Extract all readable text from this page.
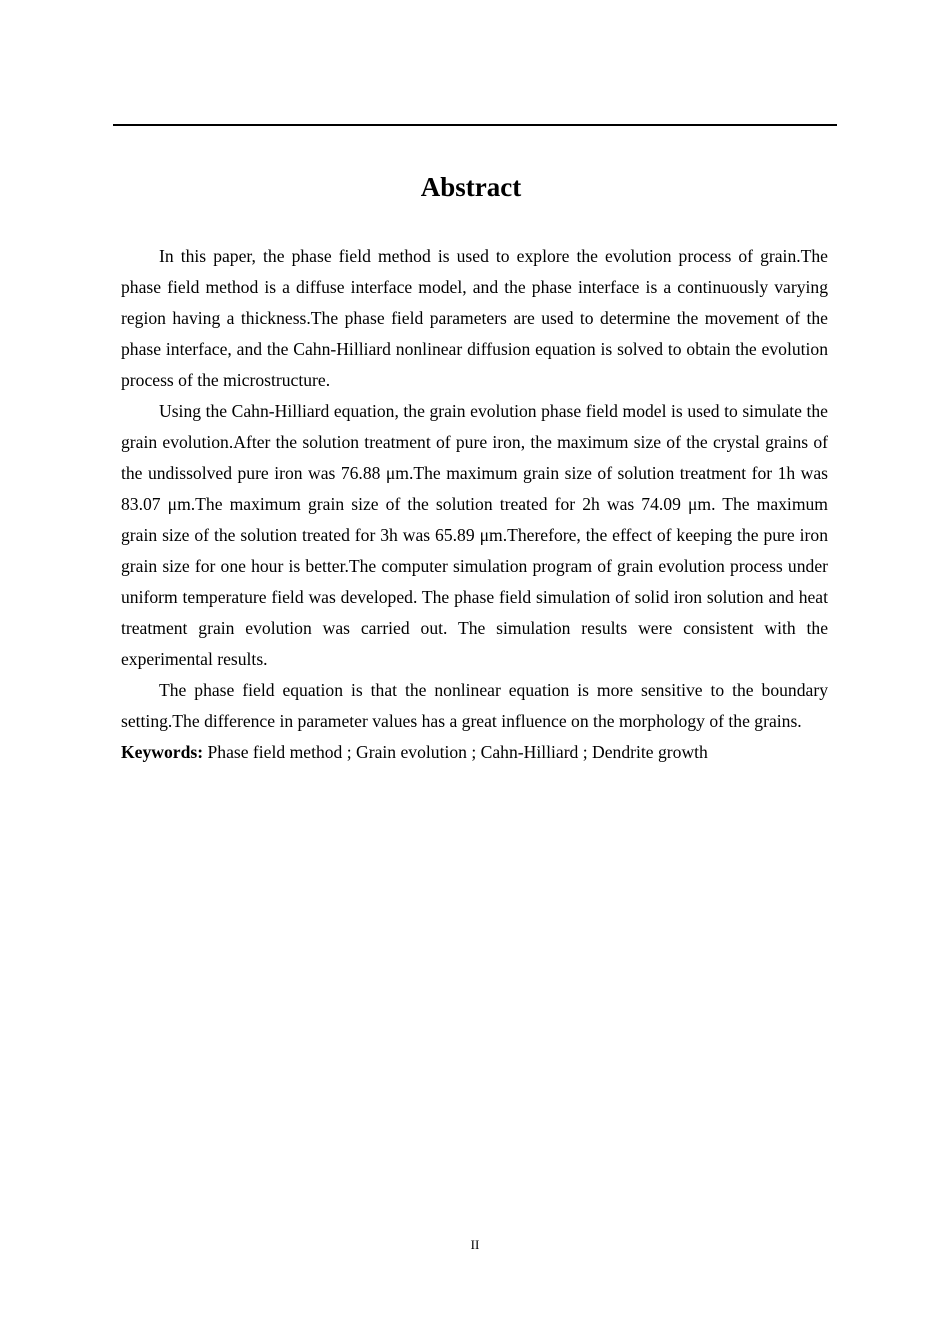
Abstract

In this paper, the phase field method is used to explore the evolution process of grain.The phase field method is a diffuse interface model, and the phase interface is a continuously varying region having a thickness.The phase field parameters are used to determine the movement of the phase interface, and the Cahn-Hilliard nonlinear diffusion equation is solved to obtain the evolution process of the microstructure.

Using the Cahn-Hilliard equation, the grain evolution phase field model is used to simulate the grain evolution.After the solution treatment of pure iron, the maximum size of the crystal grains of the undissolved pure iron was 76.88 μm.The maximum grain size of solution treatment for 1h was 83.07 μm.The maximum grain size of the solution treated for 2h was 74.09 μm. The maximum grain size of the solution treated for 3h was 65.89 μm.Therefore, the effect of keeping the pure iron grain size for one hour is better.The computer simulation program of grain evolution process under uniform temperature field was developed. The phase field simulation of solid iron solution and heat treatment grain evolution was carried out. The simulation results were consistent with the experimental results.

The phase field equation is that the nonlinear equation is more sensitive to the boundary setting.The difference in parameter values has a great influence on the morphology of the grains.

Keywords: Phase field method ; Grain evolution ; Cahn-Hilliard ; Dendrite growth

II
